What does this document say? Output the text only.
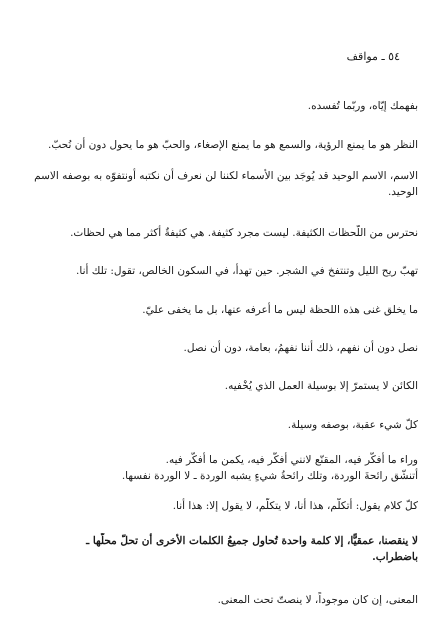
٥٤ ـ مواقف

بفهمك إيّاه، وربّما تُفسده.

النظر هو ما يمنع الرؤية، والسمع هو ما يمنع الإصغاء، والحبّ هو ما يحول دون أن نُحبّ.

الاسم، الاسم الوحيد قد يُوجَد بين الأسماء لكننا لن نعرف أن نكتبه أونتفوّه به بوصفه الاسم
الوحيد.

نحترس من اللّحظات الكثيفة. ليست مجرد كثيفة. هي كثيفةٌ أكثر مما هي لحظات.

تهبّ ريح الليل وتنتفخ في الشجر. حين تهدأ، في السكون الخالص، تقول: تلك أنا.

ما يخلق غنى هذه اللحظة ليس ما أعرفه عنها، بل ما يخفى عليّ.

نصل دون أن نفهم، ذلك أننا نفهمُ، بعامة، دون أن نصل.

الكائن لا يستمرّ إلا بوسيلة العمل الذي يُخْفيه.

كلّ شيء عقبة، بوصفه وسيلة.

وراء ما أفكّر فيه، المقنّع لانني أفكّر فيه، يكمن ما أفكّر فيه.
أتنشّق رائحةَ الوردة، وتلك رائحةُ شيءٍ يشبه الوردة ـ لا الوردة نفسها.

كلّ كلام يقول: أتكلّم، هذا أنا، لا يتكلّم، لا يقول إلا: هذا أنا.

لا ينقصنا، عمقيًّا، إلا كلمة واحدة تُحاول جميعُ الكلمات الأخرى أن تحلّ محلّها ـ
باضطراب.

المعنى، إن كان موجوداً، لا ينصتّ تحت المعنى.
